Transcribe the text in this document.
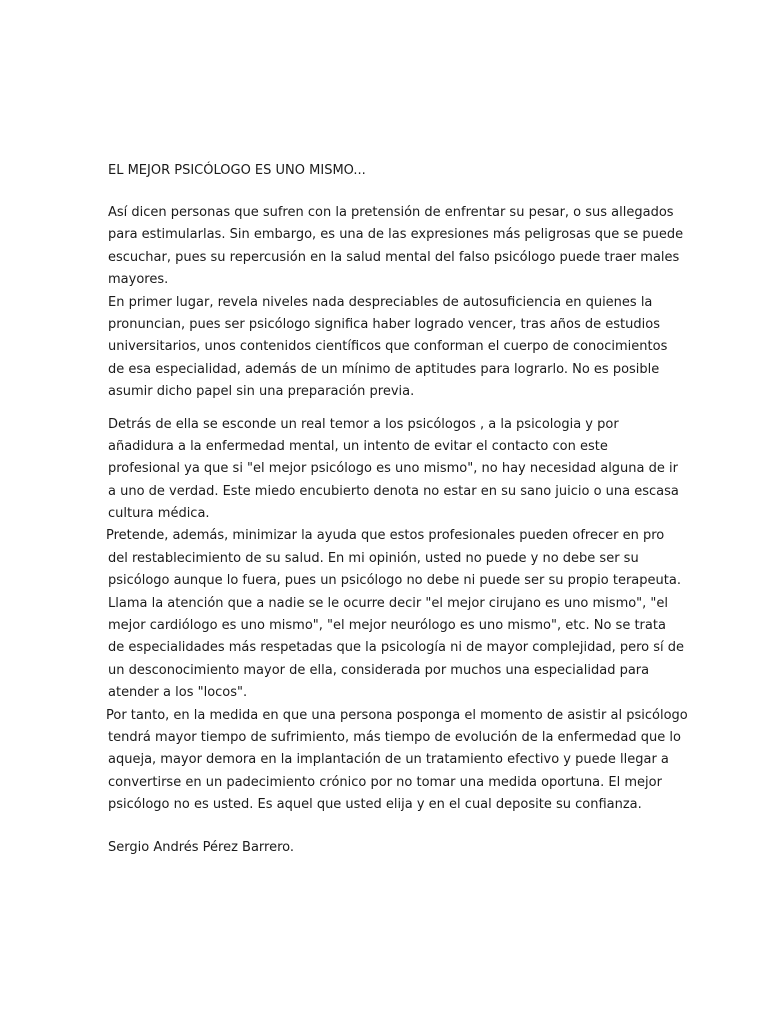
EL MEJOR PSICÓLOGO ES UNO MISMO...
Así dicen personas que sufren con la pretensión de enfrentar su pesar, o sus allegados
para estimularlas. Sin embargo, es una de las expresiones más peligrosas que se puede
escuchar, pues su repercusión en la salud mental del falso psicólogo puede traer males
mayores.
En primer lugar, revela niveles nada despreciables de autosuficiencia en quienes la
pronuncian, pues ser psicólogo significa haber logrado vencer, tras años de estudios
universitarios, unos contenidos científicos que conforman el cuerpo de conocimientos
de esa especialidad, además de un mínimo de aptitudes para lograrlo. No es posible
asumir dicho papel sin una preparación previa.
Detrás de ella se esconde un real temor a los psicólogos , a la psicologia y por
añadidura a la enfermedad mental, un intento de evitar el contacto con este
profesional ya que si "el mejor psicólogo es uno mismo", no hay necesidad alguna de ir
a uno de verdad. Este miedo encubierto denota no estar en su sano juicio o una escasa
cultura médica.
Pretende, además, minimizar la ayuda que estos profesionales pueden ofrecer en pro
del restablecimiento de su salud. En mi opinión, usted no puede y no debe ser su
psicólogo aunque lo fuera, pues un psicólogo no debe ni puede ser su propio terapeuta.
Llama la atención que a nadie se le ocurre decir "el mejor cirujano es uno mismo", "el
mejor cardiólogo es uno mismo", "el mejor neurólogo es uno mismo", etc. No se trata
de especialidades más respetadas que la psicología ni de mayor complejidad, pero sí de
un desconocimiento mayor de ella, considerada por muchos una especialidad para
atender a los "locos".
Por tanto, en la medida en que una persona posponga el momento de asistir al psicólogo
tendrá mayor tiempo de sufrimiento, más tiempo de evolución de la enfermedad que lo
aqueja, mayor demora en la implantación de un tratamiento efectivo y puede llegar a
convertirse en un padecimiento crónico por no tomar una medida oportuna. El mejor
psicólogo no es usted. Es aquel que usted elija y en el cual deposite su confianza.
Sergio Andrés Pérez Barrero.
